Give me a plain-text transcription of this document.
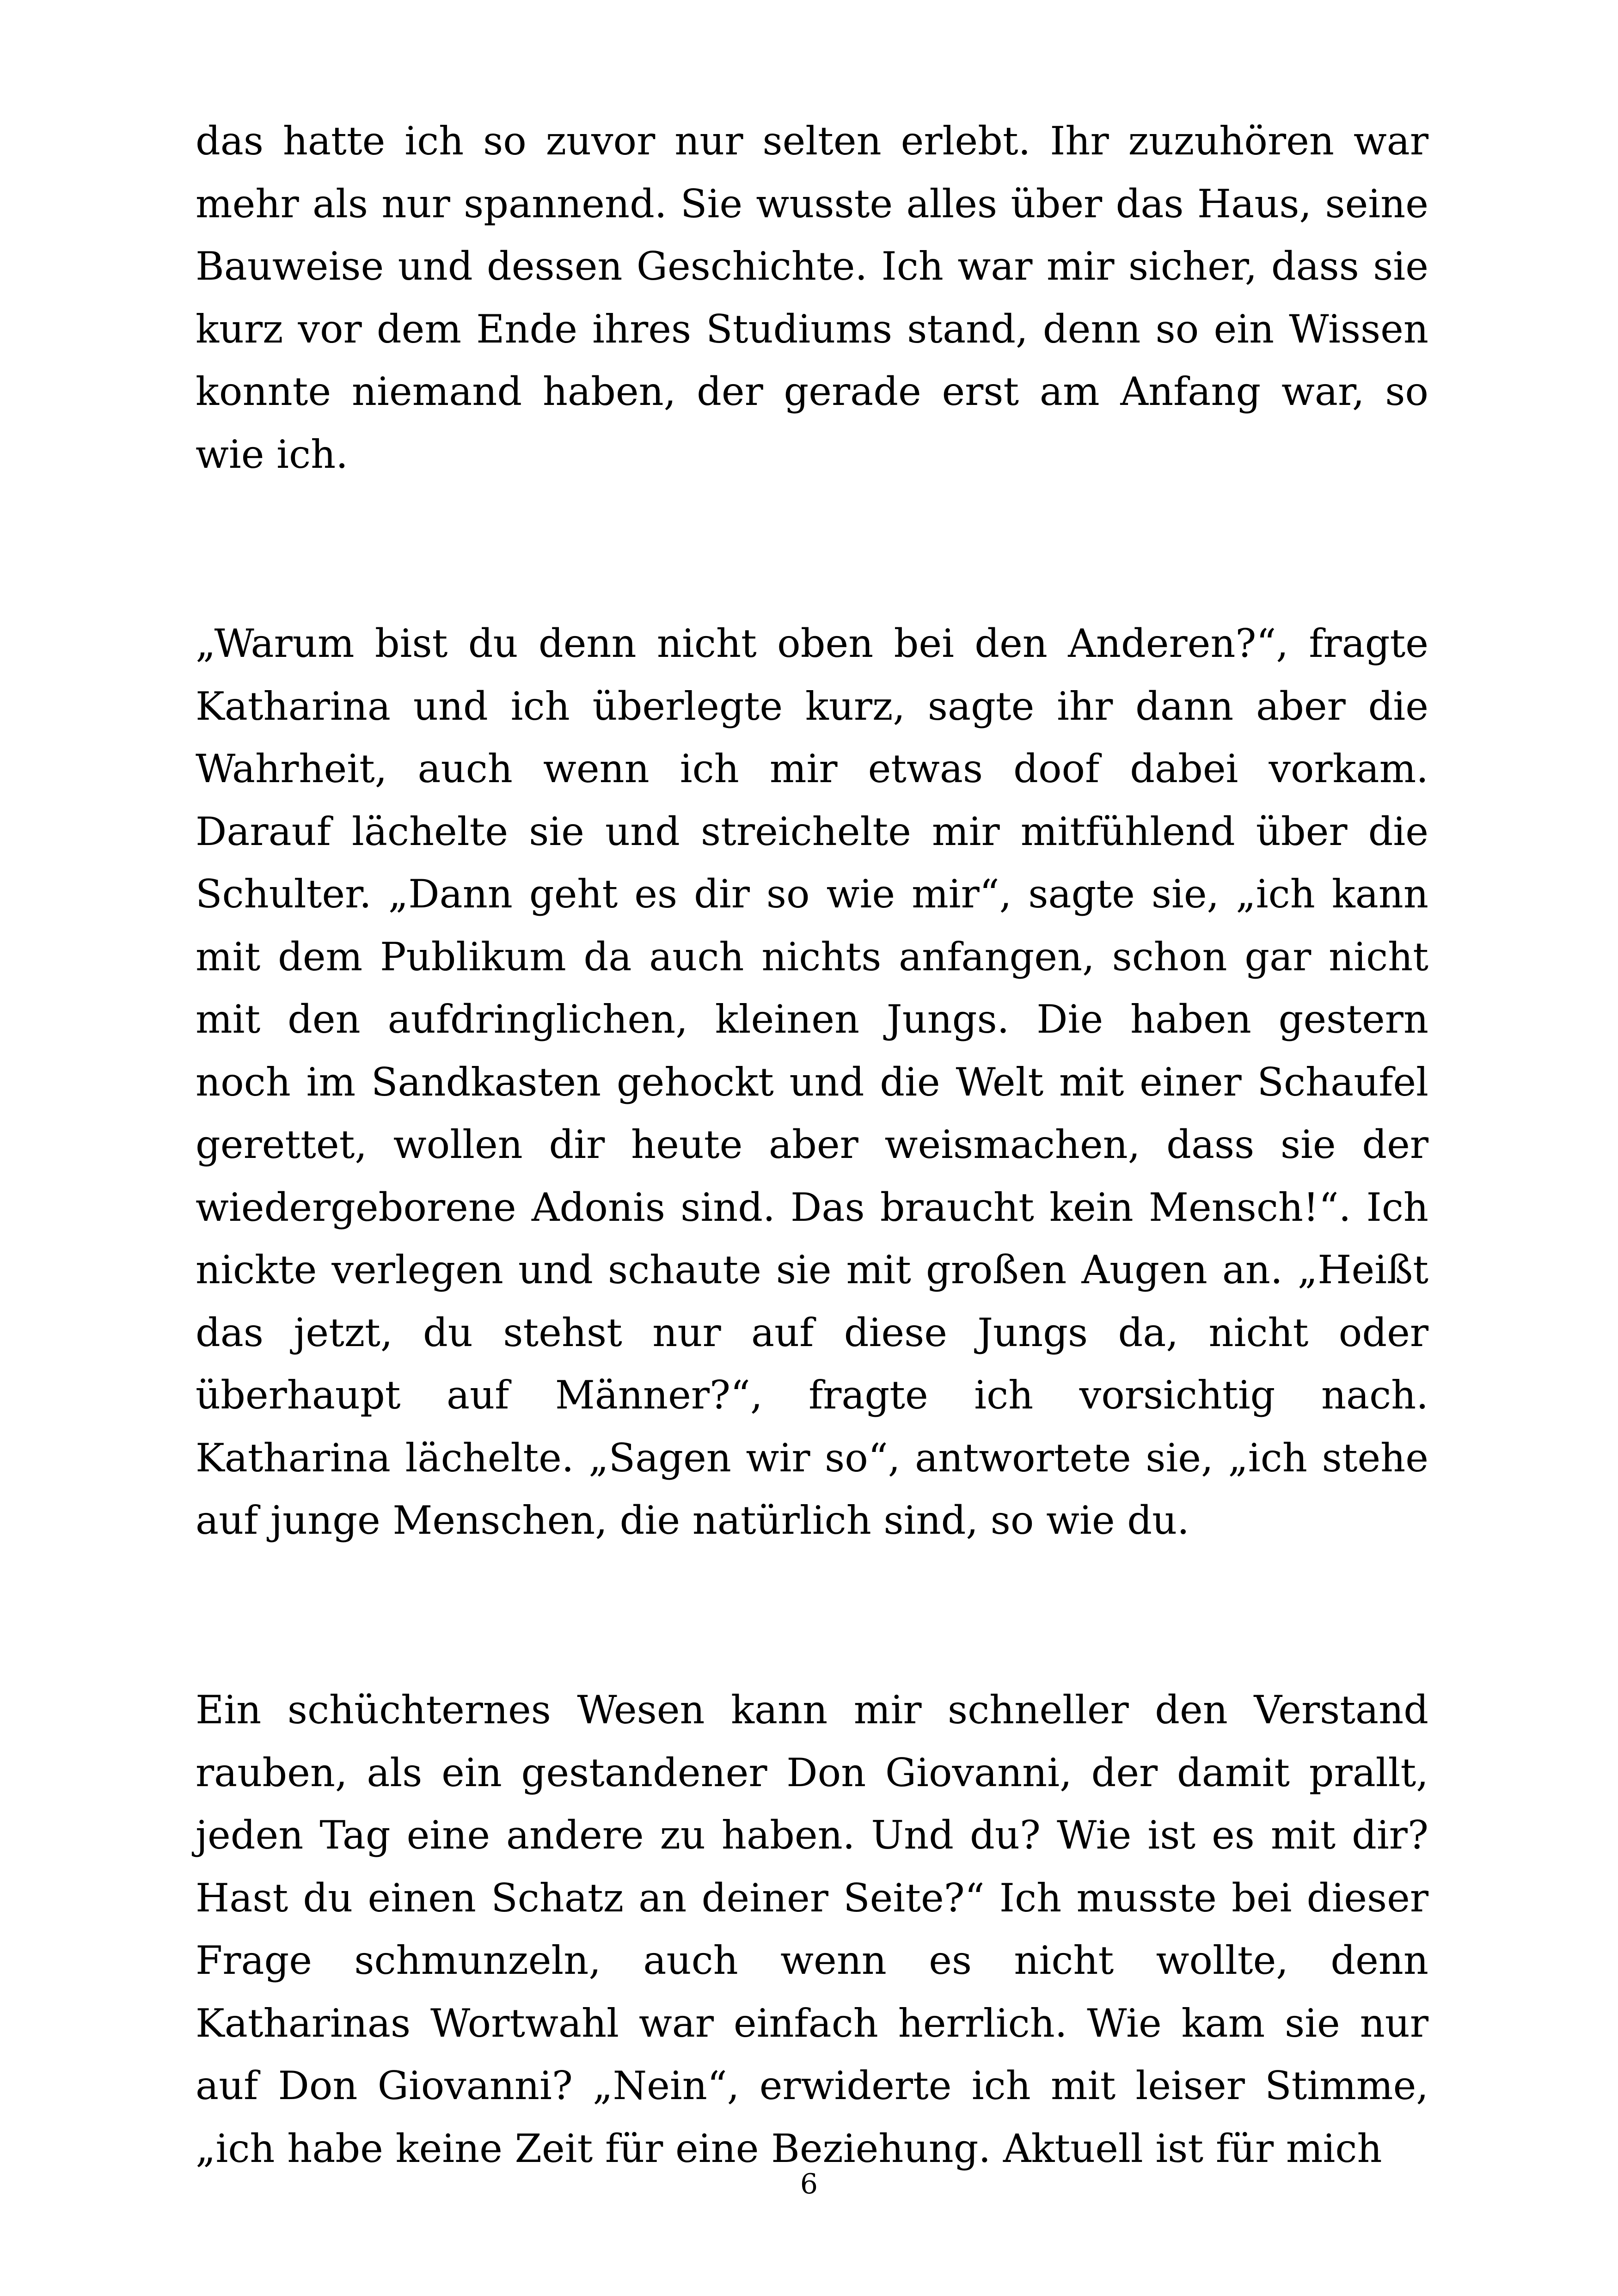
das hatte ich so zuvor nur selten erlebt. Ihr zuzuhören war mehr als nur spannend. Sie wusste alles über das Haus, seine Bauweise und dessen Geschichte. Ich war mir sicher, dass sie kurz vor dem Ende ihres Studiums stand, denn so ein Wissen konnte niemand haben, der gerade erst am Anfang war, so wie ich.

„Warum bist du denn nicht oben bei den Anderen?“, fragte Katharina und ich überlegte kurz, sagte ihr dann aber die Wahrheit, auch wenn ich mir etwas doof dabei vorkam. Darauf lächelte sie und streichelte mir mitfühlend über die Schulter. „Dann geht es dir so wie mir“, sagte sie, „ich kann mit dem Publikum da auch nichts anfangen, schon gar nicht mit den aufdringlichen, kleinen Jungs. Die haben gestern noch im Sandkasten gehockt und die Welt mit einer Schaufel gerettet, wollen dir heute aber weismachen, dass sie der wiedergeborene Adonis sind. Das braucht kein Mensch!“. Ich nickte verlegen und schaute sie mit großen Augen an. „Heißt das jetzt, du stehst nur auf diese Jungs da, nicht oder überhaupt auf Männer?“, fragte ich vorsichtig nach. Katharina lächelte. „Sagen wir so“, antwortete sie, „ich stehe auf junge Menschen, die natürlich sind, so wie du.

Ein schüchternes Wesen kann mir schneller den Verstand rauben, als ein gestandener Don Giovanni, der damit prallt, jeden Tag eine andere zu haben. Und du? Wie ist es mit dir? Hast du einen Schatz an deiner Seite?“ Ich musste bei dieser Frage schmunzeln, auch wenn es nicht wollte, denn Katharinas Wortwahl war einfach herrlich. Wie kam sie nur auf Don Giovanni? „Nein“, erwiderte ich mit leiser Stimme, „ich habe keine Zeit für eine Beziehung. Aktuell ist für mich

6
